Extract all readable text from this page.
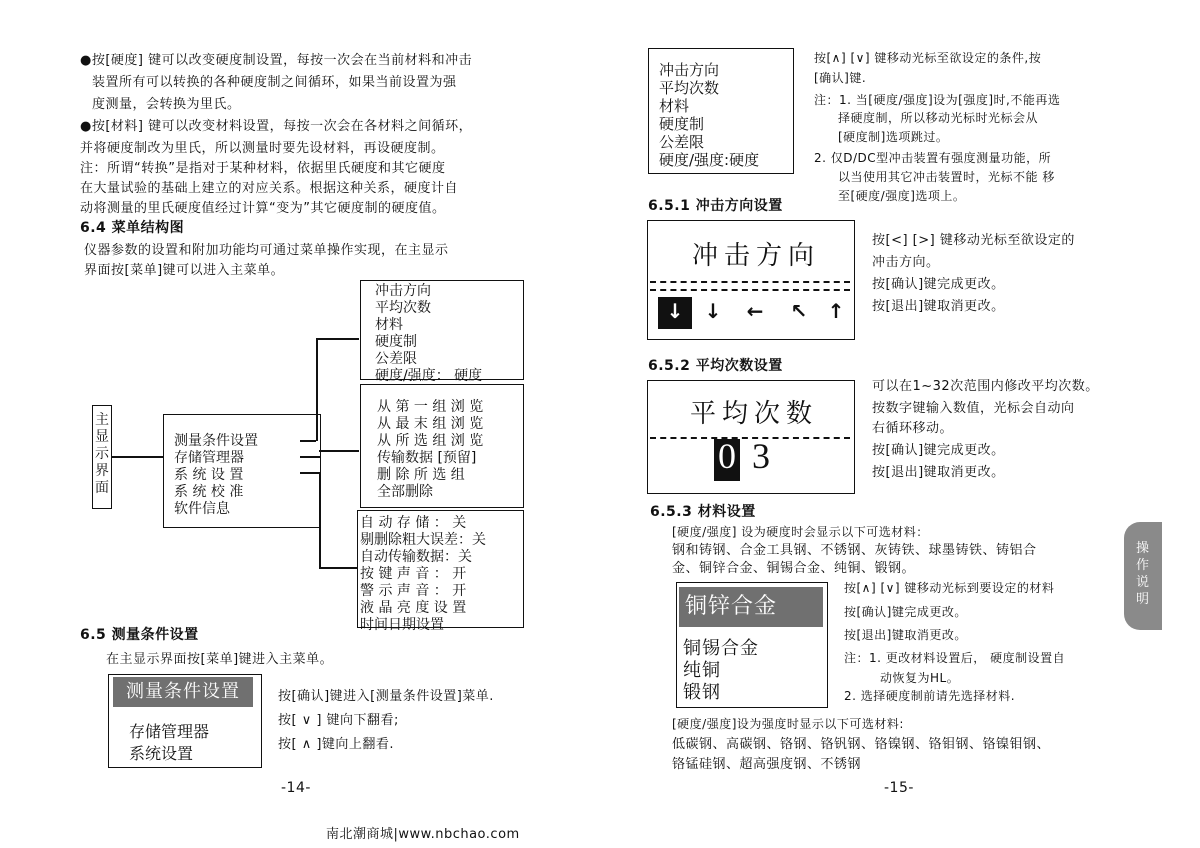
●按[硬度] 键可以改变硬度制设置，每按一次会在当前材料和冲击
装置所有可以转换的各种硬度制之间循环，如果当前设置为强
度测量，会转换为里氏。
●按[材料] 键可以改变材料设置，每按一次会在各材料之间循环，
并将硬度制改为里氏，所以测量时要先设材料，再设硬度制。
注：所谓“转换”是指对于某种材料，依据里氏硬度和其它硬度
在大量试验的基础上建立的对应关系。根据这种关系，硬度计自
动将测量的里氏硬度值经过计算“变为”其它硬度制的硬度值。
6.4 菜单结构图
仪器参数的设置和附加功能均可通过菜单操作实现，在主显示
界面按[菜单]键可以进入主菜单。
主显示界面
测量条件设置
存储管理器
系 统 设 置
系 统 校 准
软件信息
冲击方向
平均次数
材料
硬度制
公差限
硬度/强度： 硬度
从 第 一 组 浏 览
从 最 末 组 浏 览
从 所 选 组 浏 览
传输数据 [预留]
删 除 所 选 组
全部删除
自 动 存 储 ： 关
剔删除粗大误差：关
自动传输数据：关
按 键 声 音 ： 开
警 示 声 音 ： 开
液 晶 亮 度 设 置
时间日期设置
6.5 测量条件设置
在主显示界面按[菜单]键进入主菜单。
测量条件设置
存储管理器
系统设置
按[确认]键进入[测量条件设置]菜单.
按[ ∨ ] 键向下翻看;
按[ ∧ ]键向上翻看.
-14-
冲击方向
平均次数
材料
硬度制
公差限
硬度/强度:硬度
按[∧] [∨] 键移动光标至欲设定的条件,按
[确认]键.
注：1. 当[硬度/强度]设为[强度]时,不能再选
择硬度制，所以移动光标时光标会从
[硬度制]选项跳过。
2. 仅D/DC型冲击装置有强度测量功能，所
以当使用其它冲击装置时，光标不能 移
至[硬度/强度]选项上。
6.5.1 冲击方向设置
冲击方向
↓	↓	←	↖	↑
按[<] [>] 键移动光标至欲设定的
冲击方向。
按[确认]键完成更改。
按[退出]键取消更改。
6.5.2 平均次数设置
平均次数
0 3
可以在1~32次范围内修改平均次数。
按数字键输入数值，光标会自动向
右循环移动。
按[确认]键完成更改。
按[退出]键取消更改。
6.5.3 材料设置
[硬度/强度] 设为硬度时会显示以下可选材料：
钢和铸钢、合金工具钢、不锈钢、灰铸铁、球墨铸铁、铸铝合
金、铜锌合金、铜锡合金、纯铜、锻钢。
铜锌合金
铜锡合金
纯铜
锻钢
按[∧] [∨] 键移动光标到要设定的材料
按[确认]键完成更改。
按[退出]键取消更改。
注：1. 更改材料设置后， 硬度制设置自
动恢复为HL。
2. 选择硬度制前请先选择材料.
[硬度/强度]设为强度时显示以下可选材料:
低碳钢、高碳钢、铬钢、铬钒钢、铬镍钢、铬钼钢、铬镍钼钢、
铬锰硅钢、超高强度钢、不锈钢
操作说明
-15-
南北潮商城|www.nbchao.com
